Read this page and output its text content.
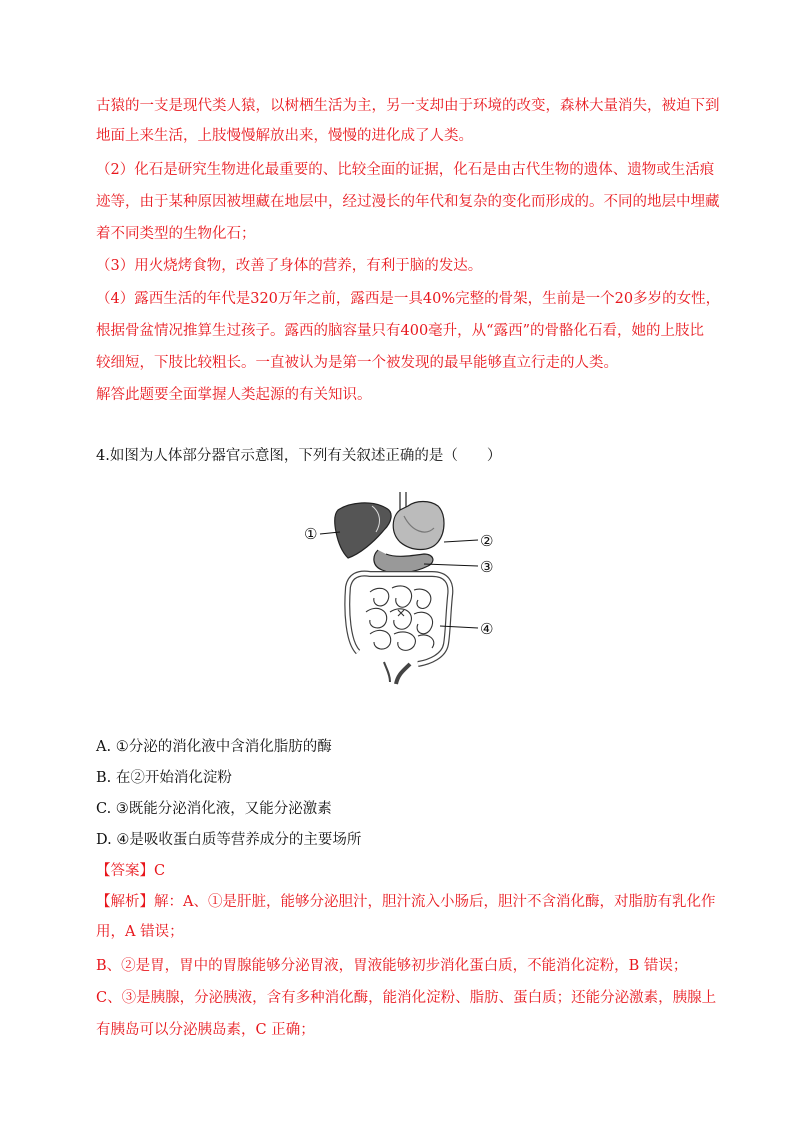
古猿的一支是现代类人猿，以树栖生活为主，另一支却由于环境的改变，森林大量消失，被迫下到
地面上来生活，上肢慢慢解放出来，慢慢的进化成了人类。
（2）化石是研究生物进化最重要的、比较全面的证据，化石是由古代生物的遗体、遗物或生活痕
迹等，由于某种原因被埋藏在地层中，经过漫长的年代和复杂的变化而形成的。不同的地层中埋藏
着不同类型的生物化石；
（3）用火烧烤食物，改善了身体的营养，有利于脑的发达。
（4）露西生活的年代是320万年之前，露西是一具40%完整的骨架，生前是一个20多岁的女性，
根据骨盆情况推算生过孩子。露西的脑容量只有400毫升，从“露西”的骨骼化石看，她的上肢比
较细短，下肢比较粗长。一直被认为是第一个被发现的最早能够直立行走的人类。
解答此题要全面掌握人类起源的有关知识。
4.如图为人体部分器官示意图，下列有关叙述正确的是（　　）
①	②
③
④
A. ①分泌的消化液中含消化脂肪的酶
B. 在②开始消化淀粉
C. ③既能分泌消化液，又能分泌激素
D. ④是吸收蛋白质等营养成分的主要场所
【答案】C
【解析】解：A、①是肝脏，能够分泌胆汁，胆汁流入小肠后，胆汁不含消化酶，对脂肪有乳化作
用，A 错误；
B、②是胃，胃中的胃腺能够分泌胃液，胃液能够初步消化蛋白质，不能消化淀粉，B 错误；
C、③是胰腺，分泌胰液，含有多种消化酶，能消化淀粉、脂肪、蛋白质；还能分泌激素，胰腺上
有胰岛可以分泌胰岛素，C 正确；
